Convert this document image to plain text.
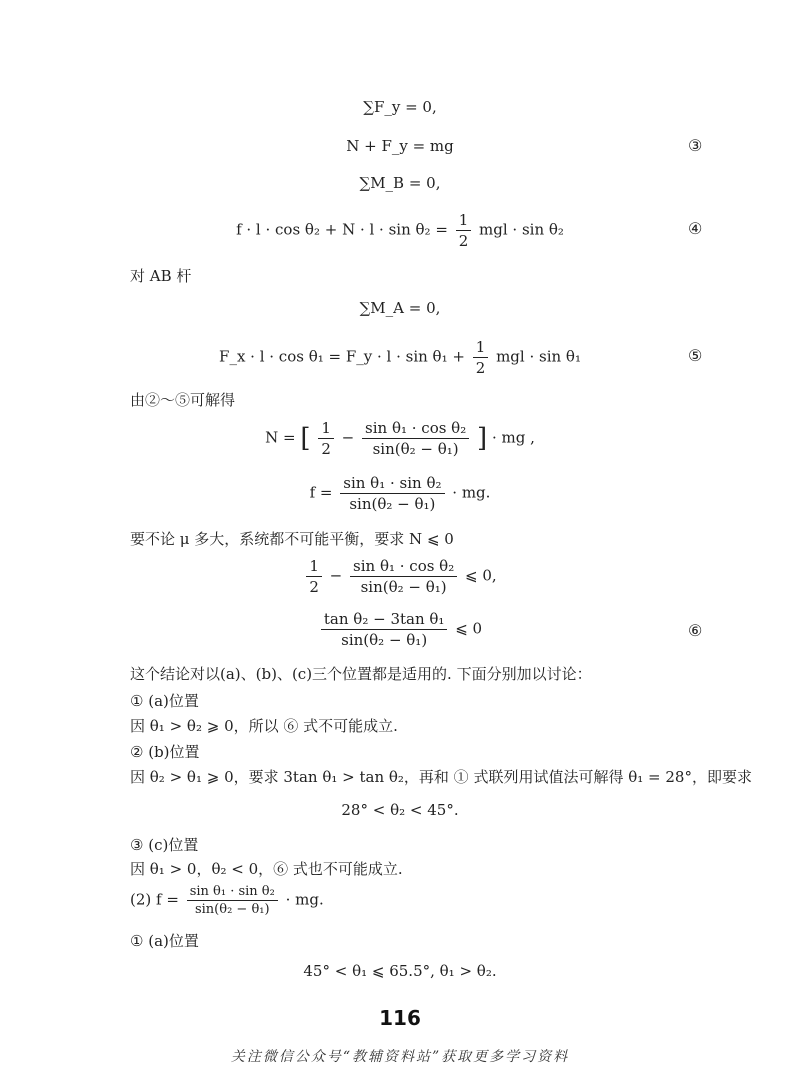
∑F_y = 0,
N + F_y = mg	③
∑M_B = 0,
$f \cdot l \cdot \cos \theta_2 + N \cdot l \cdot \sin \theta_2 = \frac{1}{2}$ mgl · sin θ₂	④
对 AB 杆
∑M_A = 0,
F_x · l · cos θ₁ = F_y · $l \cdot \sin \theta_1 + \frac{1}{2}$ mgl · sin θ₁	⑤
由②～⑤可解得
N = [ $\frac{1}{2} - \frac{\text{sin θ₁ · cos θ₂}}{\text{sin(θ₂ − θ₁)}}$ ] · mg ,
$f = \frac{\text{sin θ₁ · sin θ₂}}{\text{sin(θ₂ − θ₁)}}$ · mg.
要不论 μ 多大，系统都不可能平衡，要求 N ⩽ 0
$\frac{1}{2} - \frac{\text{sin θ₁ · cos θ₂}}{\text{sin(θ₂ − θ₁)}}$ ⩽ 0,
$\frac{\text{tan θ₂ − 3tan θ₁}}{\text{sin(θ₂ − θ₁)}}$ ⩽ 0	⑥
这个结论对以(a)、(b)、(c)三个位置都是适用的. 下面分别加以讨论：
① (a)位置
因 θ₁ > θ₂ ⩾ 0，所以 ⑥ 式不可能成立.
② (b)位置
因 θ₂ > θ₁ ⩾ 0，要求 3tan θ₁ > tan θ₂，再和 ① 式联列用试值法可解得 θ₁ = 28°，即要求
28° < θ₂ < 45°.
③ (c)位置
因 θ₁ > 0，θ₂ < 0，⑥ 式也不可能成立.
(2) $f = \frac{\text{sin θ₁ · sin θ₂}}{\text{sin(θ₂ − θ₁)}}$ · mg.
① (a)位置
45° < θ₁ ⩽ 65.5°, θ₁ > θ₂.
116
关注微信公众号“教辅资料站”获取更多学习资料
